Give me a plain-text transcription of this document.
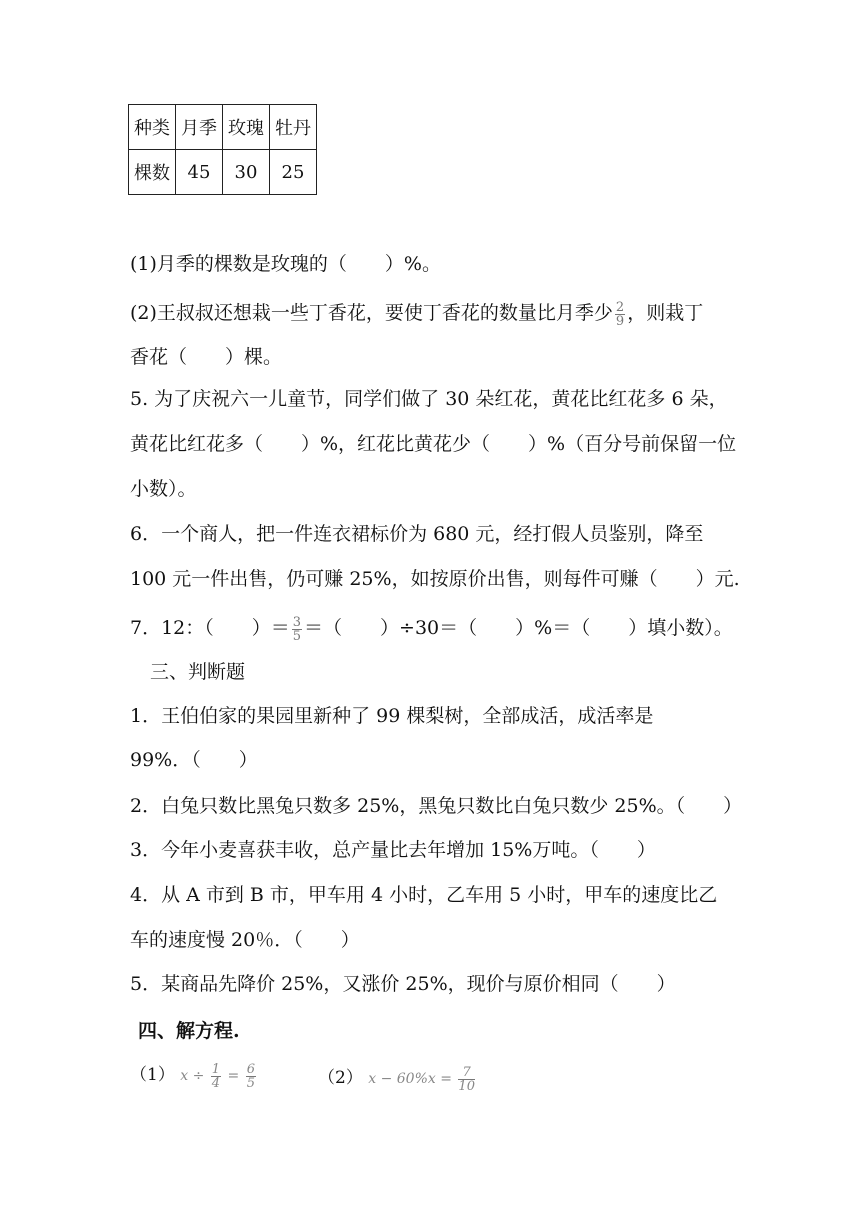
种类	月季	玫瑰	牡丹
棵数	45	30	25
(1)月季的棵数是玫瑰的（　　）%。
(2)王叔叔还想栽一些丁香花，要使丁香花的数量比月季少 $\frac{2}{9}$ ，则栽丁
香花（　　）棵。
5. 为了庆祝六一儿童节，同学们做了 30 朵红花，黄花比红花多 6 朵，
黄花比红花多（　　）%，红花比黄花少（　　）%（百分号前保留一位
小数）。
6．一个商人，把一件连衣裙标价为 680 元，经打假人员鉴别，降至
100 元一件出售，仍可赚 25%，如按原价出售，则每件可赚（　　）元.
7．12：（　　）＝ $\frac{3}{5}$ ＝（　　）÷30＝（　　）%＝（　　）填小数）。
三、判断题
1．王伯伯家的果园里新种了 99 棵梨树，全部成活，成活率是
99%．（　　）
2．白兔只数比黑兔只数多 25%，黑兔只数比白兔只数少 25%。（　　）
3．今年小麦喜获丰收，总产量比去年增加 15%万吨。（　　）
4．从 A 市到 B 市，甲车用 4 小时，乙车用 5 小时，甲车的速度比乙
车的速度慢 20％．（　　）
5．某商品先降价 25%，又涨价 25%，现价与原价相同（　　）
四、解方程.
（1） $x \div \frac{1}{4} = \frac{6}{5}$	（2） $x - 60\%x = \frac{7}{10}$
